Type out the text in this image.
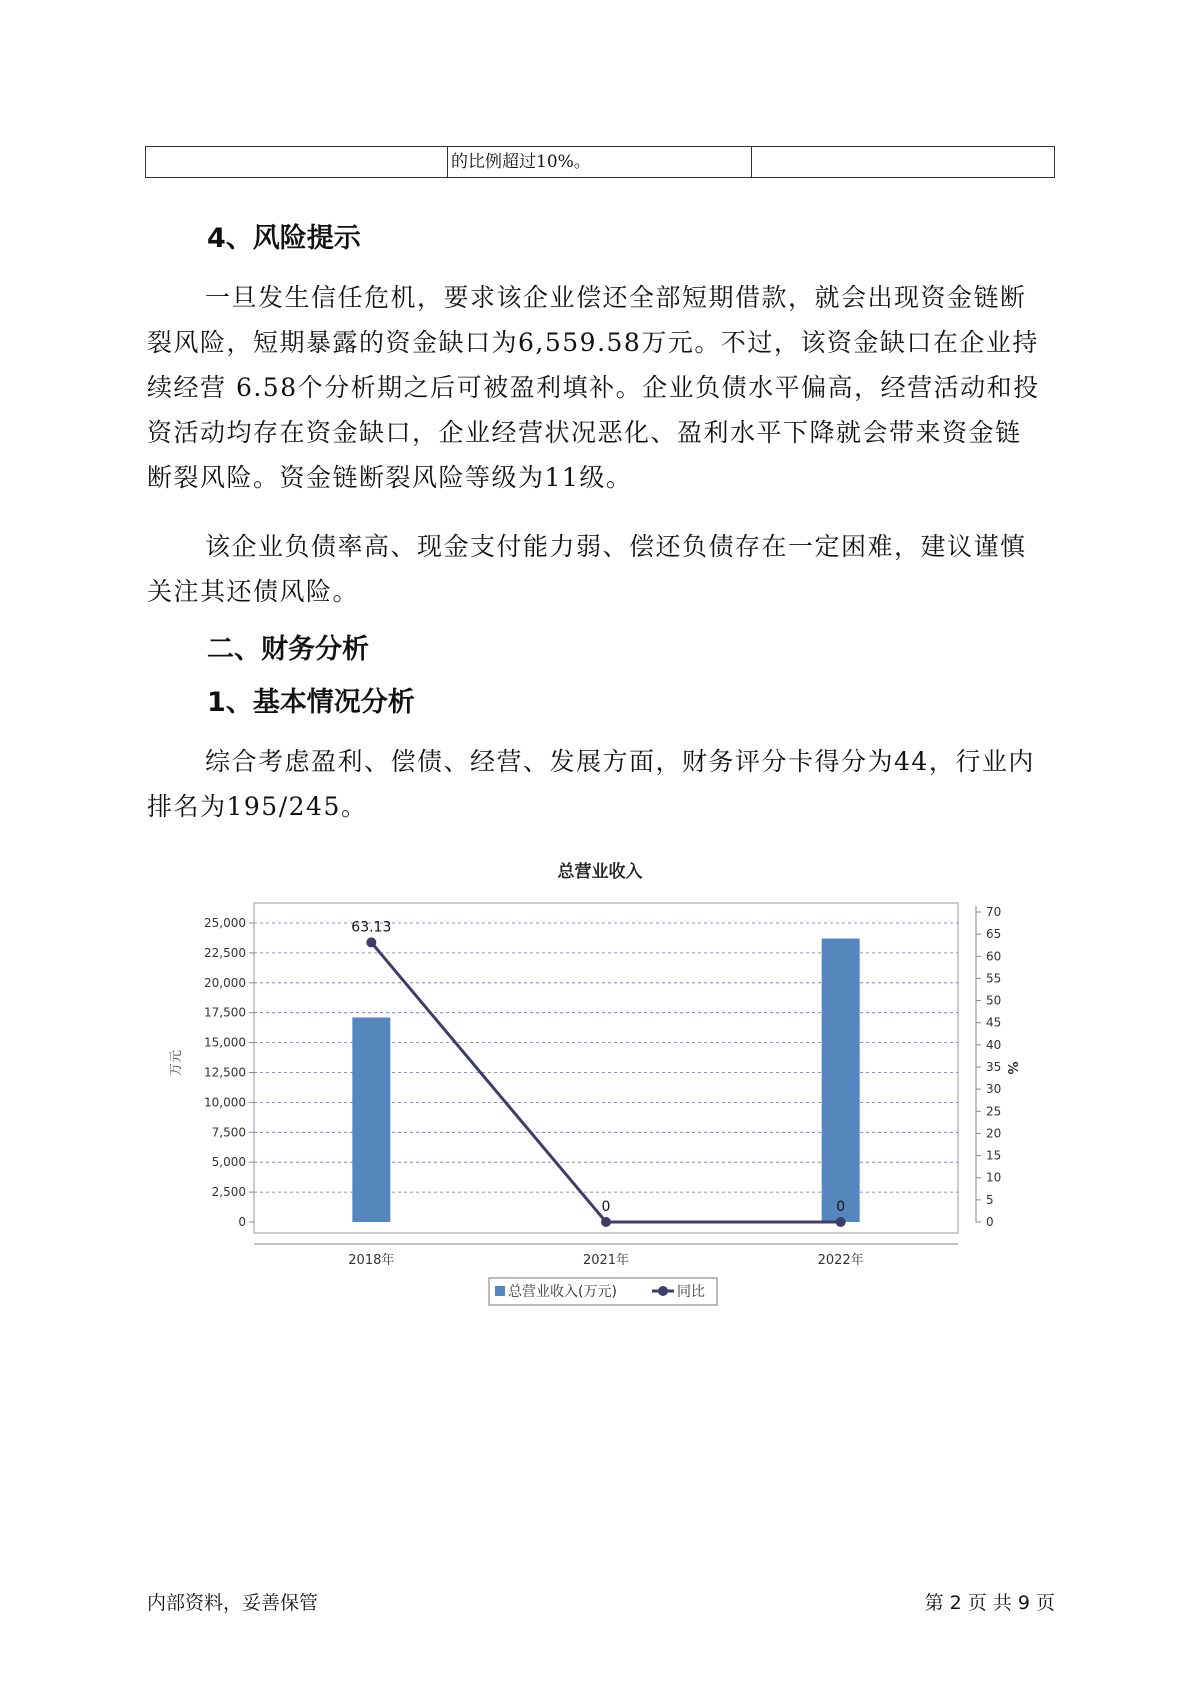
的比例超过10%。
4、风险提示

一旦发生信任危机，要求该企业偿还全部短期借款，就会出现资金链断裂风险，短期暴露的资金缺口为6,559.58万元。不过，该资金缺口在企业持续经营 6.58个分析期之后可被盈利填补。企业负债水平偏高，经营活动和投资活动均存在资金缺口，企业经营状况恶化、盈利水平下降就会带来资金链断裂风险。资金链断裂风险等级为11级。

该企业负债率高、现金支付能力弱、偿还负债存在一定困难，建议谨慎关注其还债风险。

二、财务分析
1、基本情况分析

综合考虑盈利、偿债、经营、发展方面，财务评分卡得分为44，行业内排名为195/245。

总营业收入
63.13
0	0
0
2,500
5,000
7,500
10,000
12,500
15,000
17,500
20,000
22,500
25,000
万元
0
5
10
15
20
25
30
35
40
45
50
55
60
65
70
%
2018年	2021年	2022年
总营业收入(万元)	同比
内部资料，妥善保管	第 2 页 共 9 页
